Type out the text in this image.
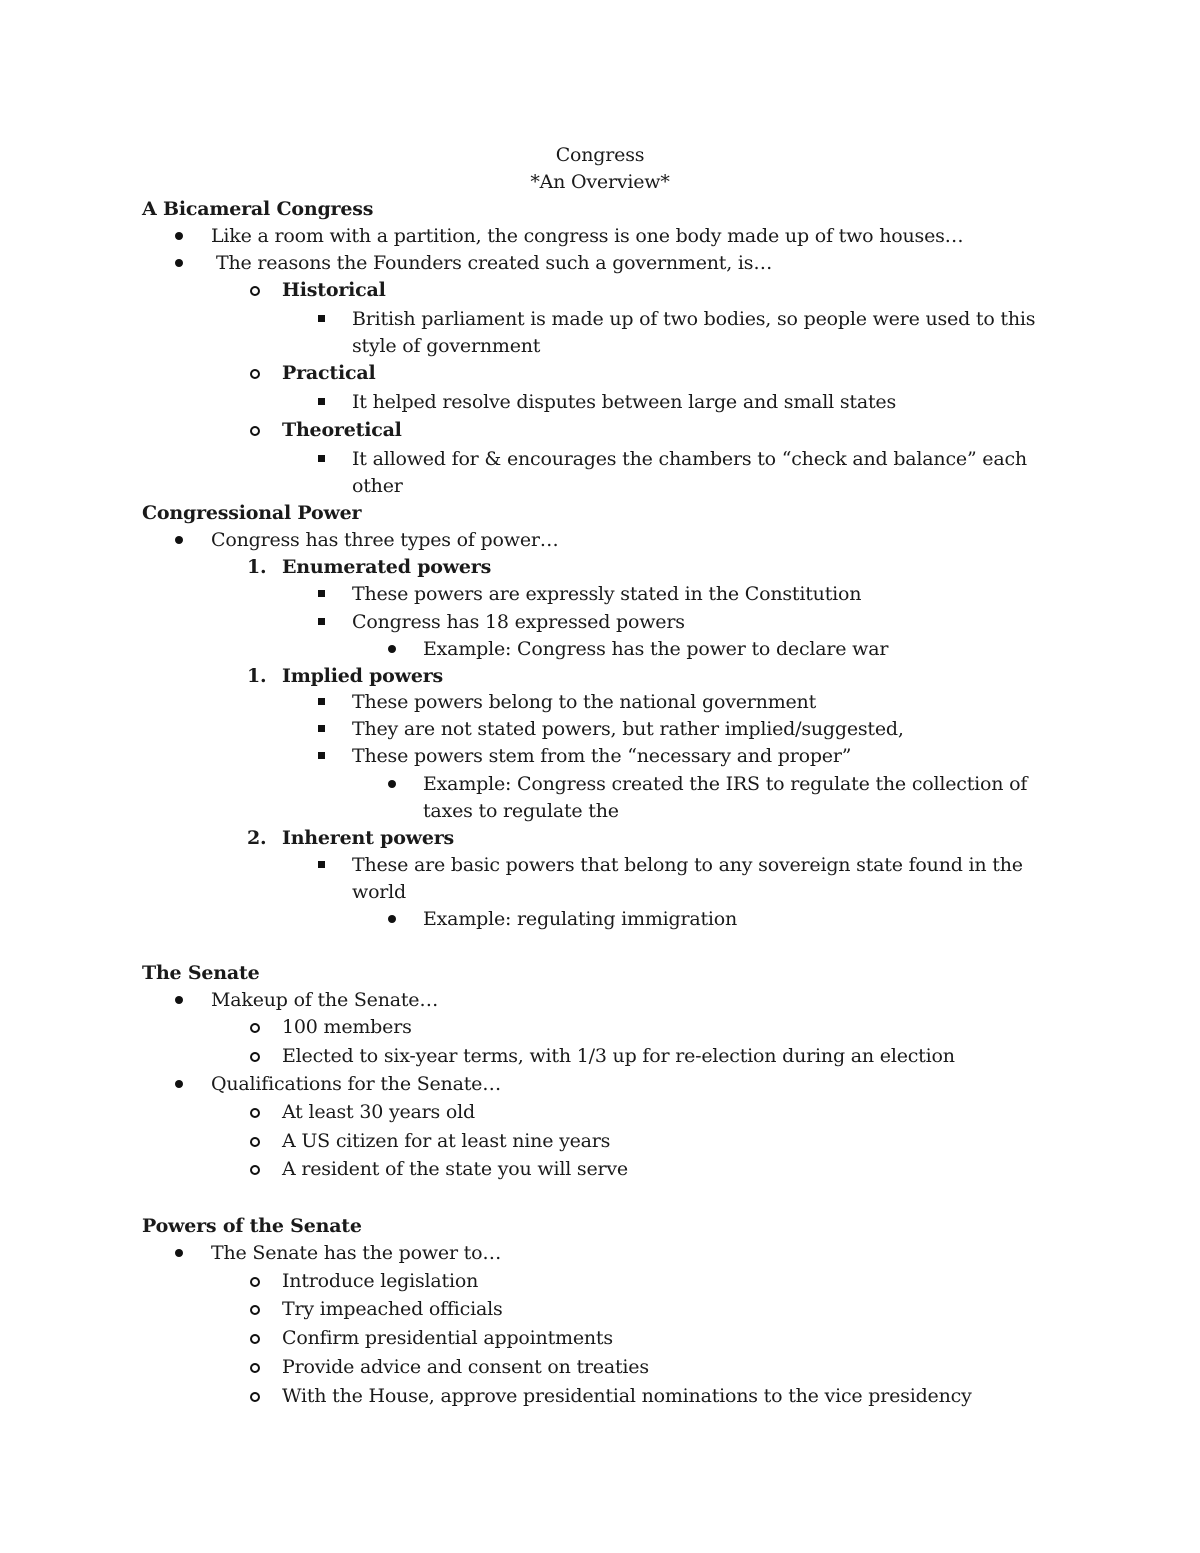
Congress
*An Overview*
A Bicameral Congress
Like a room with a partition, the congress is one body made up of two houses…
The reasons the Founders created such a government, is…
Historical
British parliament is made up of two bodies, so people were used to this
style of government
Practical
It helped resolve disputes between large and small states
Theoretical
It allowed for & encourages the chambers to “check and balance” each
other
Congressional Power
Congress has three types of power…
1. Enumerated powers
These powers are expressly stated in the Constitution
Congress has 18 expressed powers
Example: Congress has the power to declare war
1. Implied powers
These powers belong to the national government
They are not stated powers, but rather implied/suggested,
These powers stem from the “necessary and proper”
Example: Congress created the IRS to regulate the collection of
taxes to regulate the
2. Inherent powers
These are basic powers that belong to any sovereign state found in the
world
Example: regulating immigration
The Senate
Makeup of the Senate…
100 members
Elected to six-year terms, with 1/3 up for re-election during an election
Qualifications for the Senate…
At least 30 years old
A US citizen for at least nine years
A resident of the state you will serve
Powers of the Senate
The Senate has the power to…
Introduce legislation
Try impeached officials
Confirm presidential appointments
Provide advice and consent on treaties
With the House, approve presidential nominations to the vice presidency
